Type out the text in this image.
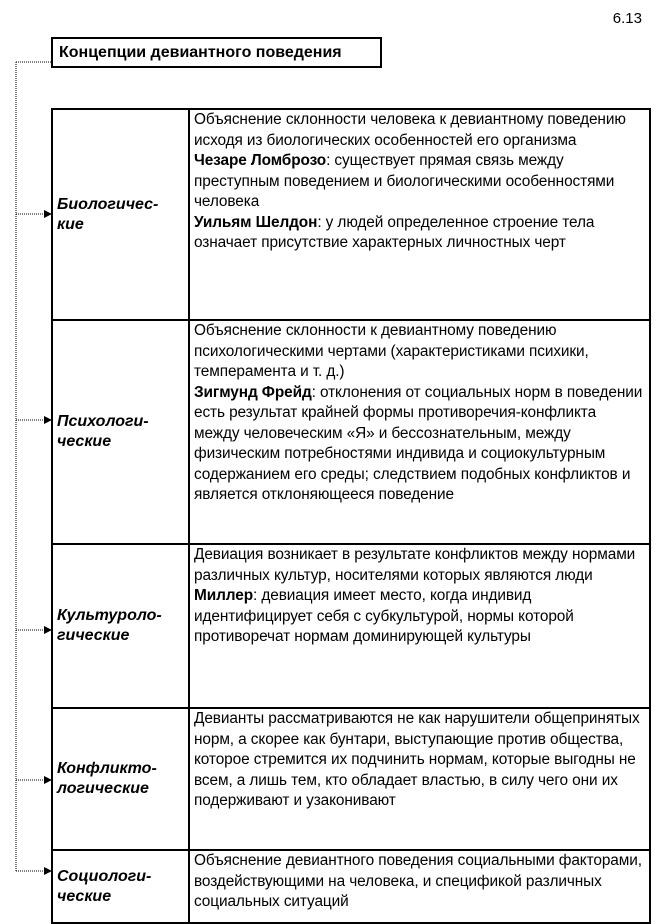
6.13
Концепции девиантного поведения
Биологичес-
кие

Объяснение склонности человека к девиантному поведению исходя из биологических особенностей его организма

Чезаре Ломброзо: существует прямая связь между преступным поведением и биологическими особенностями человека

Уильям Шелдон: у людей определенное строение тела означает присутствие характерных личностных черт

Психологи-
ческие

Объяснение склонности к девиантному поведению психологическими чертами (характеристиками психики, темперамента и т. д.)

Зигмунд Фрейд: отклонения от социальных норм в поведении есть результат крайней формы противоречия-конфликта между человеческим «Я» и бессознательным, между физическим потребностями индивида и социокультурным содержанием его среды; следствием подобных конфликтов и является отклоняющееся поведение

Культуроло-
гические

Девиация возникает в результате конфликтов между нормами различных культур, носителями которых являются люди

Миллер: девиация имеет место, когда индивид идентифицирует себя с субкультурой, нормы которой противоречат нормам доминирующей культуры

Конфликто-
логические

Девианты рассматриваются не как нарушители общепринятых норм, а скорее как бунтари, выступающие против общества, которое стремится их подчинить нормам, которые выгодны не всем, а лишь тем, кто обладает властью, в силу чего они их подерживают и узаконивают

Социологи-
ческие

Объяснение девиантного поведения социальными факторами, воздействующими на человека, и спецификой различных социальных ситуаций
